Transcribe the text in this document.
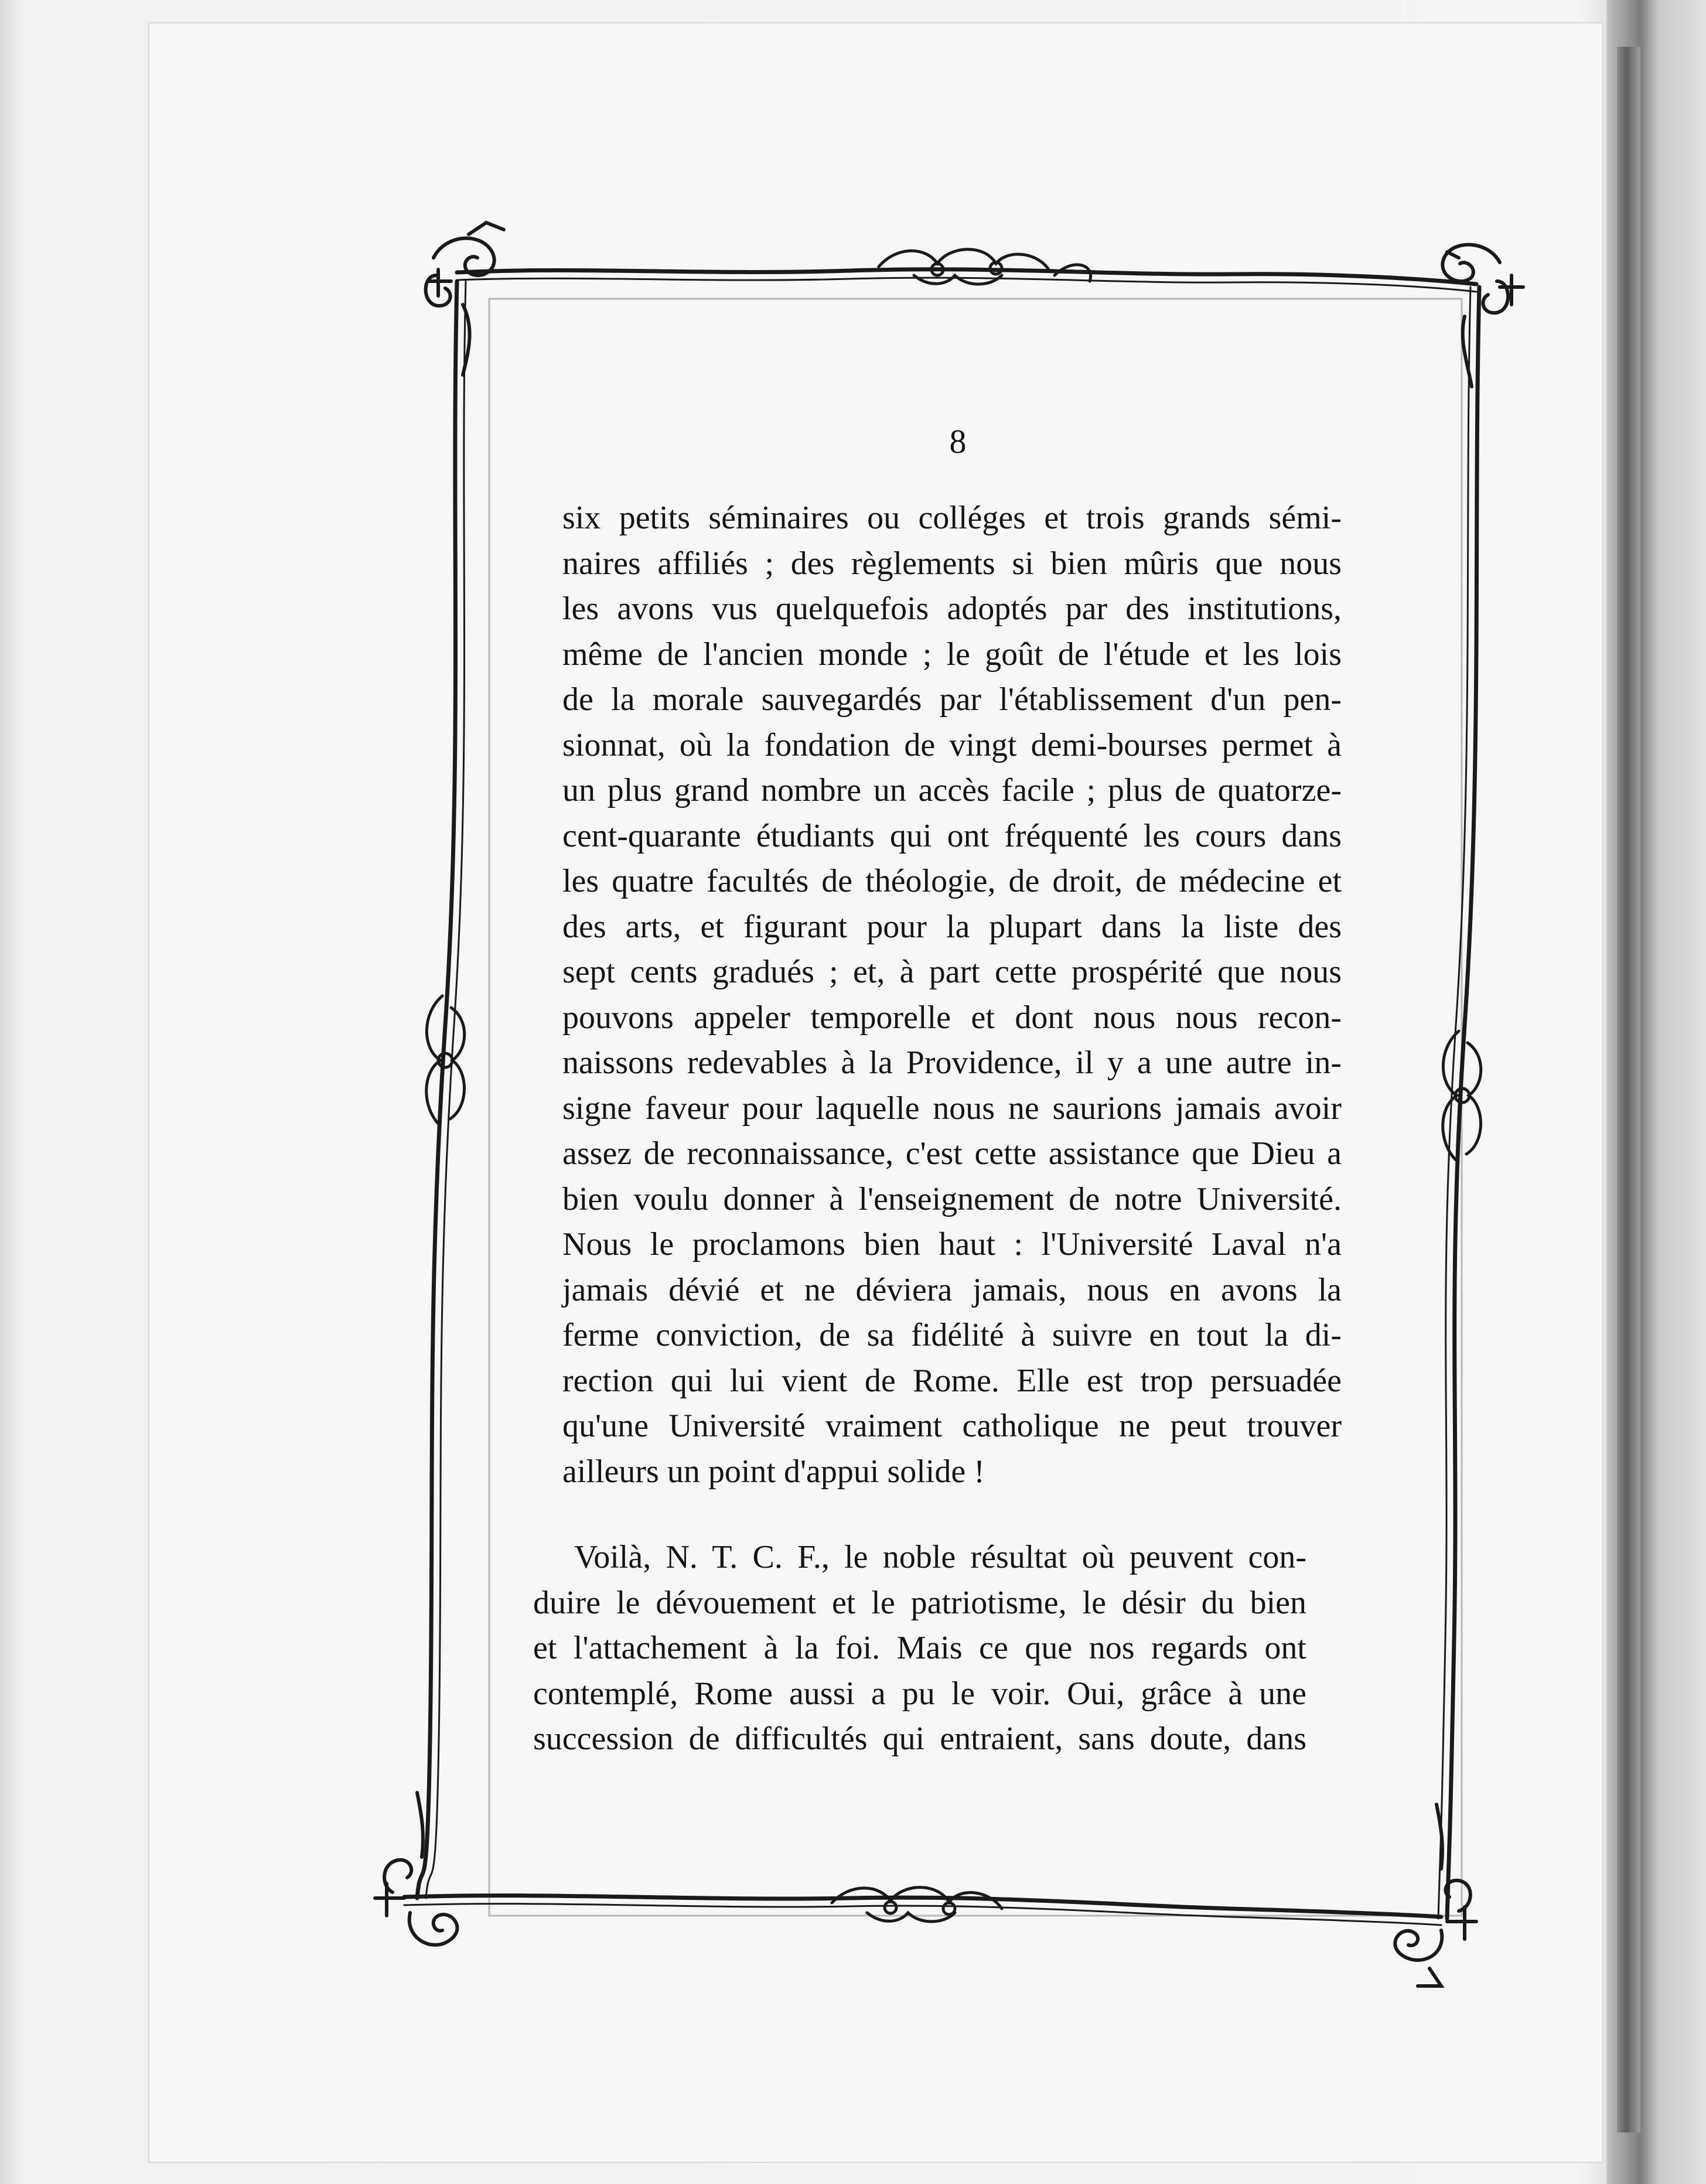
8
six petits séminaires ou colléges et trois grands sémi-
naires affiliés ; des règlements si bien mûris que nous
les avons vus quelquefois adoptés par des institutions,
même de l'ancien monde ; le goût de l'étude et les lois
de la morale sauvegardés par l'établissement d'un pen-
sionnat, où la fondation de vingt demi-bourses permet à
un plus grand nombre un accès facile ; plus de quatorze-
cent-quarante étudiants qui ont fréquenté les cours dans
les quatre facultés de théologie, de droit, de médecine et
des arts, et figurant pour la plupart dans la liste des
sept cents gradués ; et, à part cette prospérité que nous
pouvons appeler temporelle et dont nous nous recon-
naissons redevables à la Providence, il y a une autre in-
signe faveur pour laquelle nous ne saurions jamais avoir
assez de reconnaissance, c'est cette assistance que Dieu a
bien voulu donner à l'enseignement de notre Université.
Nous le proclamons bien haut : l'Université Laval n'a
jamais dévié et ne déviera jamais, nous en avons la
ferme conviction, de sa fidélité à suivre en tout la di-
rection qui lui vient de Rome. Elle est trop persuadée
qu'une Université vraiment catholique ne peut trouver
ailleurs un point d'appui solide !
Voilà, N. T. C. F., le noble résultat où peuvent con-
duire le dévouement et le patriotisme, le désir du bien
et l'attachement à la foi. Mais ce que nos regards ont
contemplé, Rome aussi a pu le voir. Oui, grâce à une
succession de difficultés qui entraient, sans doute, dans
